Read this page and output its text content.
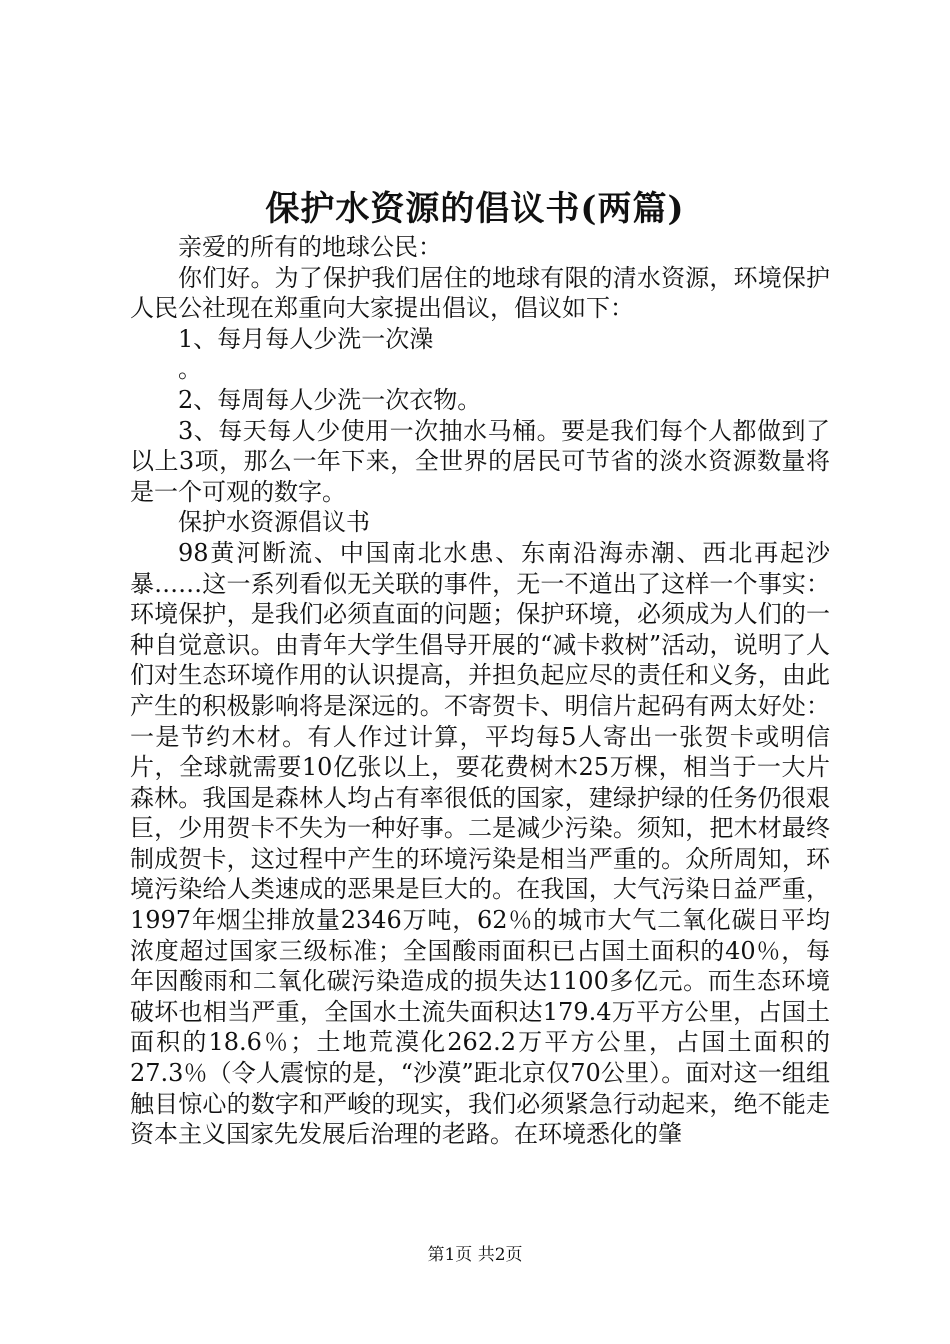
保护水资源的倡议书(两篇)

亲爱的所有的地球公民：

你们好。为了保护我们居住的地球有限的清水资源，环境保护人民公社现在郑重向大家提出倡议，倡议如下：

1、每月每人少洗一次澡

。

2、每周每人少洗一次衣物。

3、每天每人少使用一次抽水马桶。要是我们每个人都做到了以上3项，那么一年下来，全世界的居民可节省的淡水资源数量将是一个可观的数字。

保护水资源倡议书

98黄河断流、中国南北水患、东南沿海赤潮、西北再起沙暴……这一系列看似无关联的事件，无一不道出了这样一个事实：环境保护，是我们必须直面的问题；保护环境，必须成为人们的一种自觉意识。由青年大学生倡导开展的“减卡救树”活动，说明了人们对生态环境作用的认识提高，并担负起应尽的责任和义务，由此产生的积极影响将是深远的。不寄贺卡、明信片起码有两太好处：一是节约木材。有人作过计算，平均每5人寄出一张贺卡或明信片，全球就需要10亿张以上，要花费树木25万棵，相当于一大片森林。我国是森林人均占有率很低的国家，建绿护绿的任务仍很艰巨，少用贺卡不失为一种好事。二是减少污染。须知，把木材最终制成贺卡，这过程中产生的环境污染是相当严重的。众所周知，环境污染给人类速成的恶果是巨大的。在我国，大气污染日益严重，1997年烟尘排放量2346万吨，62％的城市大气二氧化碳日平均浓度超过国家三级标准；全国酸雨面积已占国土面积的40％，每年因酸雨和二氧化碳污染造成的损失达1100多亿元。而生态环境破坏也相当严重，全国水土流失面积达179.4万平方公里，占国土面积的18.6％；土地荒漠化262.2万平方公里，占国土面积的27.3％（令人震惊的是，“沙漠”距北京仅70公里）。面对这一组组触目惊心的数字和严峻的现实，我们必须紧急行动起来，绝不能走资本主义国家先发展后治理的老路。在环境悉化的肇

第1页 共2页
